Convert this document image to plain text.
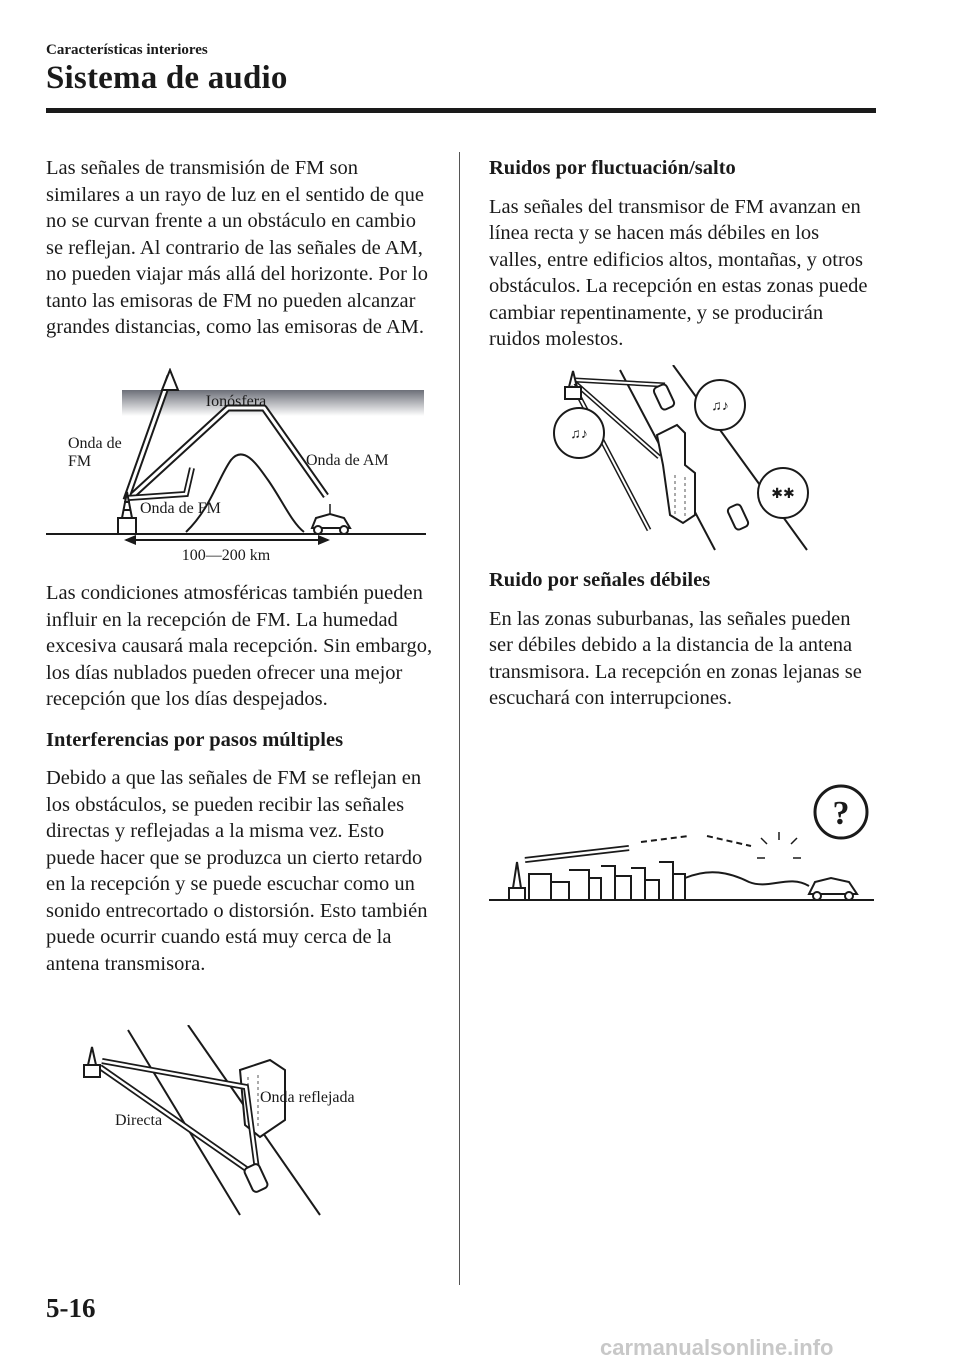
Características interiores
Sistema de audio

Las señales de transmisión de FM son similares a un rayo de luz en el sentido de que no se curvan frente a un obstáculo en cambio se reflejan. Al contrario de las señales de AM, no pueden viajar más allá del horizonte. Por lo tanto las emisoras de FM no pueden alcanzar grandes distancias, como las emisoras de AM.

Ionósfera
Onda de
FM	Onda de AM
Onda de FM
100—200 km

Las condiciones atmosféricas también pueden influir en la recepción de FM. La humedad excesiva causará mala recepción. Sin embargo, los días nublados pueden ofrecer una mejor recepción que los días despejados.

Interferencias por pasos múltiples

Debido a que las señales de FM se reflejan en los obstáculos, se pueden recibir las señales directas y reflejadas a la misma vez. Esto puede hacer que se produzca un cierto retardo en la recepción y se puede escuchar como un sonido entrecortado o distorsión. Esto también puede ocurrir cuando está muy cerca de la antena transmisora.

Onda reflejada
Directa
Ruidos por fluctuación/salto

Las señales del transmisor de FM avanzan en línea recta y se hacen más débiles en los valles, entre edificios altos, montañas, y otros obstáculos. La recepción en estas zonas puede cambiar repentinamente, y se producirán ruidos molestos.

♫♪
♫♪
✱✱
Ruido por señales débiles

En las zonas suburbanas, las señales pueden ser débiles debido a la distancia de la antena transmisora. La recepción en zonas lejanas se escuchará con interrupciones.

?
5-16
carmanualsonline.info
